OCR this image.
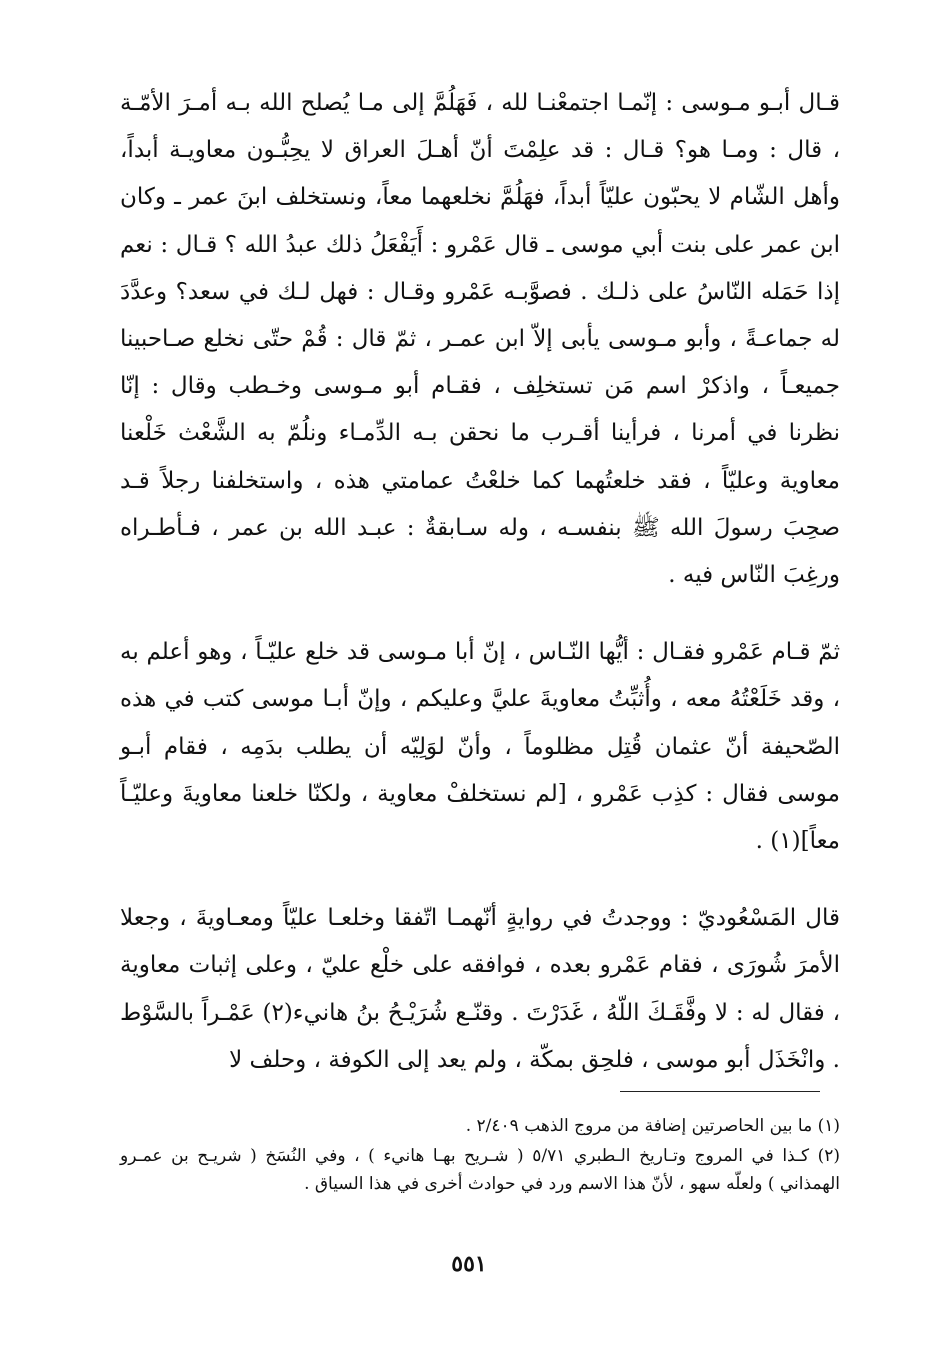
قـال أبـو مـوسى : إنّمـا اجتمعْنـا لله ، فَهَلُمَّ إلى مـا يُصلح الله بـه أمـرَ الأمّـة ، قال : ومـا هو؟ قـال : قد علِمْتَ أنّ أهـلَ العراق لا يحِبُّـون معاويـة أبداً، وأهل الشّام لا يحبّون عليّاً أبداً، فهَلُمَّ نخلعهما معاً، ونستخلف ابنَ عمر ـ وكان ابن عمر على بنت أبي موسى ـ قال عَمْرو : أَيَفْعَلُ ذلك عبدُ الله ؟ قـال : نعم إذا حَمَله النّاسُ على ذلـك . فصوَّبـه عَمْرو وقـال : فهل لـك في سعد؟ وعدَّدَ له جماعـةً ، وأبو مـوسى يأبى إلاّ ابن عمـر ، ثمّ قال : قُمْ حتّى نخلع صـاحبينا جميعـاً ، واذكرْ اسم مَن تستخلِف ، فقـام أبو مـوسى وخـطب وقال : إنّا نظرنا في أمرنا ، فرأينا أقـرب ما نحقن بـه الدِّمـاء ونلُمّ به الشَّعْث خَلْعنا معاوية وعليّاً ، فقد خلعتُهما كما خلعْتُ عمامتي هذه ، واستخلفنا رجلاً قـد صحِبَ رسولَ الله ﷺ بنفسـه ، وله سـابقةٌ : عبـد الله بن عمر ، فـأطـراه ورغِبَ النّاس فيه .

ثمّ قـام عَمْرو فقـال : أيُّها النّـاس ، إنّ أبا مـوسى قد خلع عليّـاً ، وهو أعلم به ، وقد خَلَعْتُهُ معه ، وأُثبِّتُ معاويةَ عليَّ وعليكم ، وإنّ أبـا موسى كتب في هذه الصّحيفة أنّ عثمان قُتِل مظلوماً ، وأنّ لوَلِيّه أن يطلب بدَمِه ، فقام أبـو موسى فقال : كذِب عَمْرو ، [لم نستخلفْ معاوية ، ولكنّا خلعنا معاويةَ وعليّـاً معاً](١) .

قال المَسْعُوديّ : ووجدتُ في روايةٍ أنّهمـا اتّفقا وخلعـا عليّاً ومعـاويةَ ، وجعلا الأمرَ شُورَى ، فقام عَمْرو بعده ، فوافقه على خلْع عليّ ، وعلى إثبات معاوية ، فقال له : لا وفَّقَـكَ اللّهُ ، غَدَرْتَ . وقنّـع شُرَيْـحُ بنُ هانيء(٢) عَمْـراً بالسَّوْط . وانْخَذَل أبو موسى ، فلحِق بمكّة ، ولم يعد إلى الكوفة ، وحلف لا

(١) ما بين الحاصرتين إضافة من مروج الذهب ٢/٤٠٩ .

(٢) كـذا في المروج وتـاريخ الـطبري ٥/٧١ ( شـريح بهـا هانيء ) ، وفي النُسَخ ( شريـح بن عمـرو الهمذاني ) ولعلّه سهو ، لأنّ هذا الاسم ورد في حوادث أخرى في هذا السياق .

٥٥١
